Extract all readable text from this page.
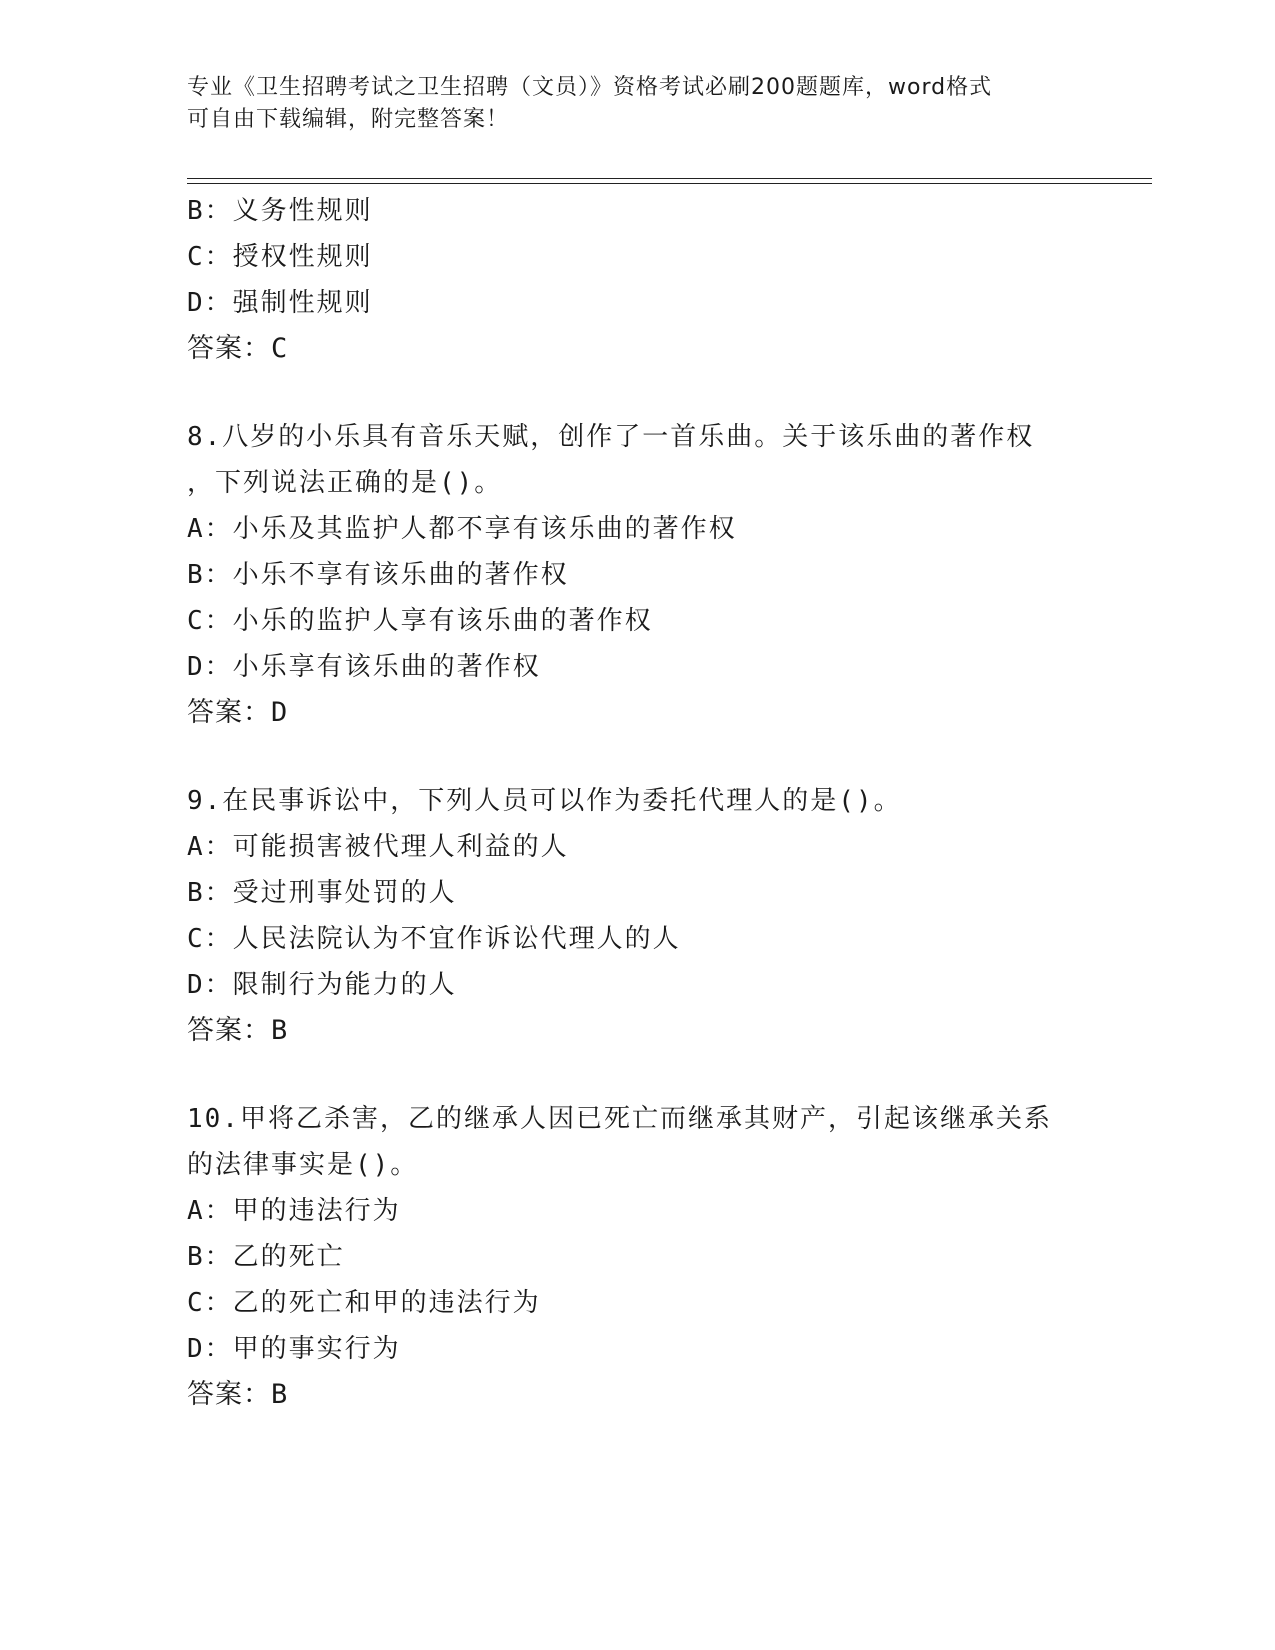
专业《卫生招聘考试之卫生招聘（文员）》资格考试必刷200题题库，word格式
可自由下载编辑，附完整答案！
B：义务性规则
C：授权性规则
D：强制性规则
答案：C
8.八岁的小乐具有音乐天赋，创作了一首乐曲。关于该乐曲的著作权
，下列说法正确的是()。
A：小乐及其监护人都不享有该乐曲的著作权
B：小乐不享有该乐曲的著作权
C：小乐的监护人享有该乐曲的著作权
D：小乐享有该乐曲的著作权
答案：D
9.在民事诉讼中，下列人员可以作为委托代理人的是()。
A：可能损害被代理人利益的人
B：受过刑事处罚的人
C：人民法院认为不宜作诉讼代理人的人
D：限制行为能力的人
答案：B
10.甲将乙杀害，乙的继承人因已死亡而继承其财产，引起该继承关系
的法律事实是()。
A：甲的违法行为
B：乙的死亡
C：乙的死亡和甲的违法行为
D：甲的事实行为
答案：B
